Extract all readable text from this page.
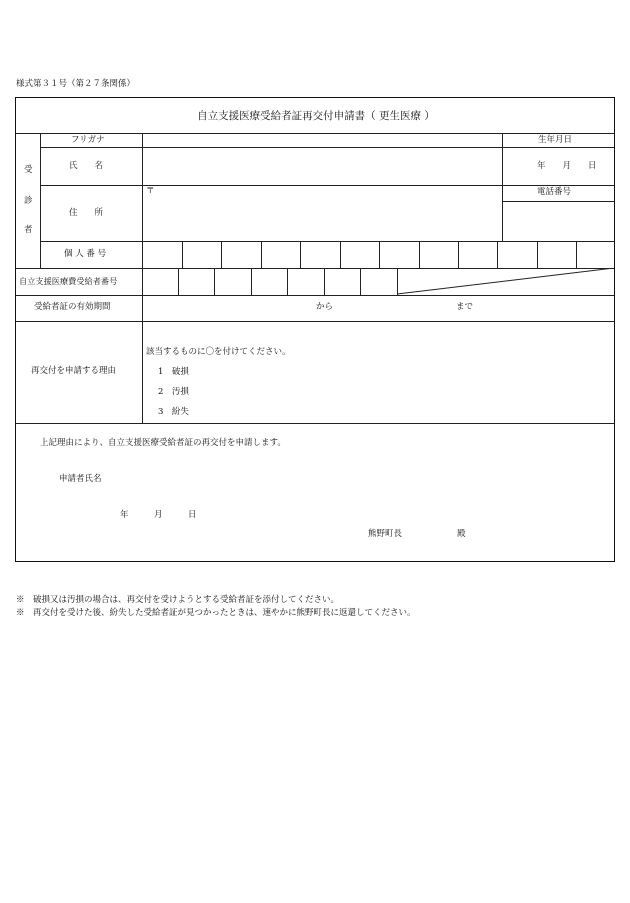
様式第３１号（第２７条関係）
自立支援医療受給者証再交付申請書（ 更生医療 ）
受
診
者
フリガナ
氏　　名
住　　所
個 人 番 号
自立支援医療費受給者番号
受給者証の有効期間
再交付を申請する理由
生年月日
年　　月　　日
電話番号
〒
から	まで
該当するものに〇を付けてください。
1　破損
2　汚損
3　紛失
上記理由により、自立支援医療受給者証の再交付を申請します。
申請者氏名
年　　　月　　　日
熊野町長	殿
※　破損又は汚損の場合は、再交付を受けようとする受給者証を添付してください。
※　再交付を受けた後、紛失した受給者証が見つかったときは、速やかに熊野町長に返還してください。
